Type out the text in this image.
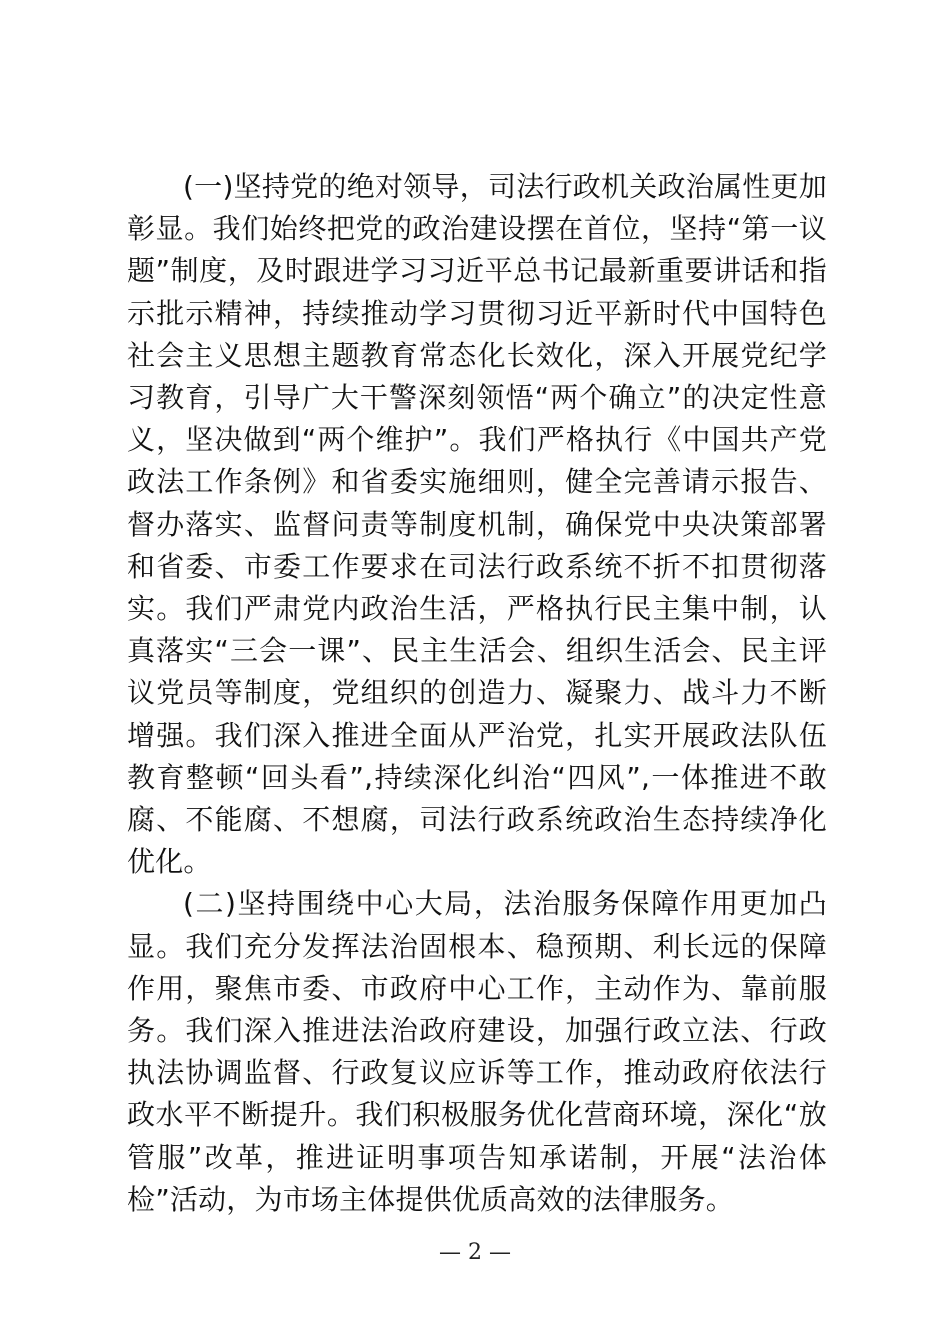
(一)坚持党的绝对领导，司法行政机关政治属性更加彰显。我们始终把党的政治建设摆在首位，坚持“第一议题”制度，及时跟进学习习近平总书记最新重要讲话和指示批示精神，持续推动学习贯彻习近平新时代中国特色社会主义思想主题教育常态化长效化，深入开展党纪学习教育，引导广大干警深刻领悟“两个确立”的决定性意义，坚决做到“两个维护”。我们严格执行《中国共产党政法工作条例》和省委实施细则，健全完善请示报告、督办落实、监督问责等制度机制，确保党中央决策部署和省委、市委工作要求在司法行政系统不折不扣贯彻落实。我们严肃党内政治生活，严格执行民主集中制，认真落实“三会一课”、民主生活会、组织生活会、民主评议党员等制度，党组织的创造力、凝聚力、战斗力不断增强。我们深入推进全面从严治党，扎实开展政法队伍教育整顿“回头看”,持续深化纠治“四风”,一体推进不敢腐、不能腐、不想腐，司法行政系统政治生态持续净化优化。

(二)坚持围绕中心大局，法治服务保障作用更加凸显。我们充分发挥法治固根本、稳预期、利长远的保障作用，聚焦市委、市政府中心工作，主动作为、靠前服务。我们深入推进法治政府建设，加强行政立法、行政执法协调监督、行政复议应诉等工作，推动政府依法行政水平不断提升。我们积极服务优化营商环境，深化“放管服”改革，推进证明事项告知承诺制，开展“法治体检”活动，为市场主体提供优质高效的法律服务。

— 2 —
